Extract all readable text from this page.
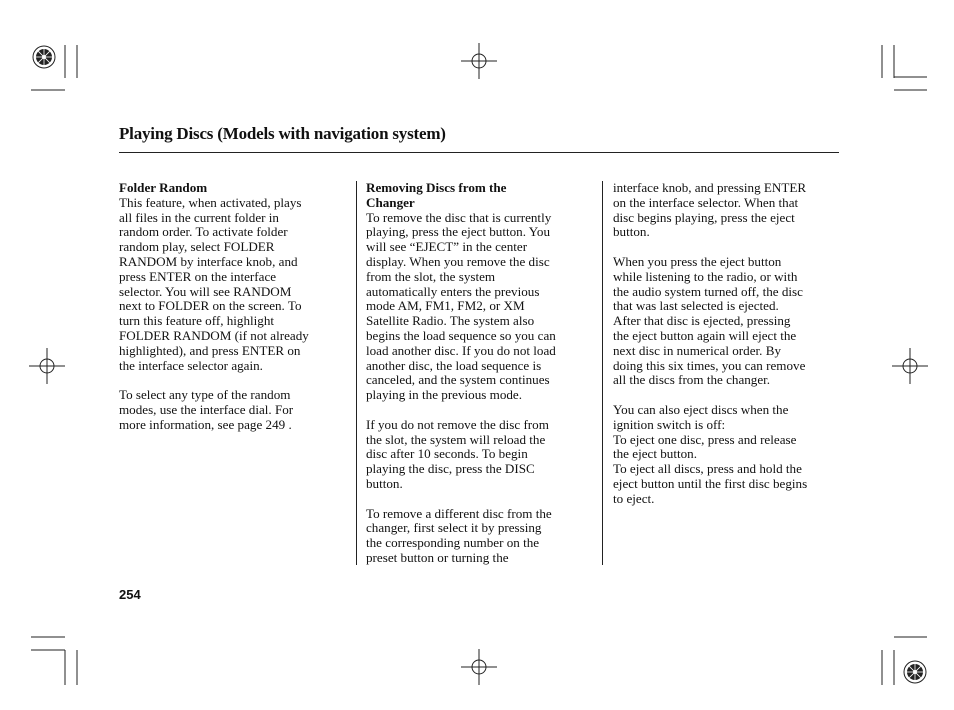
Playing Discs (Models with navigation system)
Folder Random

This feature, when activated, plays
all files in the current folder in
random order. To activate folder
random play, select FOLDER
RANDOM by interface knob, and
press ENTER on the interface
selector. You will see RANDOM
next to FOLDER on the screen. To
turn this feature off, highlight
FOLDER RANDOM (if not already
highlighted), and press ENTER on
the interface selector again.

To select any type of the random
modes, use the interface dial. For
more information, see page 249 .

Removing Discs from the
Changer

To remove the disc that is currently
playing, press the eject button. You
will see “EJECT” in the center
display. When you remove the disc
from the slot, the system
automatically enters the previous
mode AM, FM1, FM2, or XM
Satellite Radio. The system also
begins the load sequence so you can
load another disc. If you do not load
another disc, the load sequence is
canceled, and the system continues
playing in the previous mode.

If you do not remove the disc from
the slot, the system will reload the
disc after 10 seconds. To begin
playing the disc, press the DISC
button.

To remove a different disc from the
changer, first select it by pressing
the corresponding number on the
preset button or turning the

interface knob, and pressing ENTER
on the interface selector. When that
disc begins playing, press the eject
button.

When you press the eject button
while listening to the radio, or with
the audio system turned off, the disc
that was last selected is ejected.
After that disc is ejected, pressing
the eject button again will eject the
next disc in numerical order. By
doing this six times, you can remove
all the discs from the changer.

You can also eject discs when the
ignition switch is off:
To eject one disc, press and release
the eject button.
To eject all discs, press and hold the
eject button until the first disc begins
to eject.

254
